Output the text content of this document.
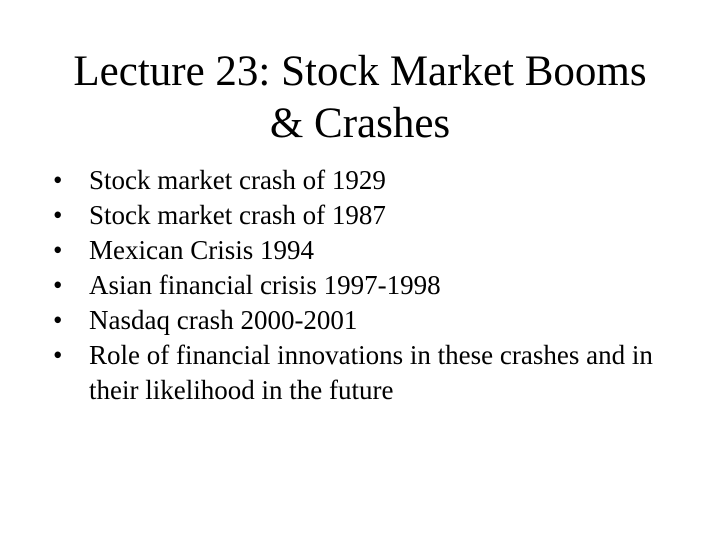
Lecture 23: Stock Market Booms
& Crashes
• Stock market crash of 1929
• Stock market crash of 1987
• Mexican Crisis 1994
• Asian financial crisis 1997-1998
• Nasdaq crash 2000-2001
• Role of financial innovations in these crashes and in their likelihood in the future
